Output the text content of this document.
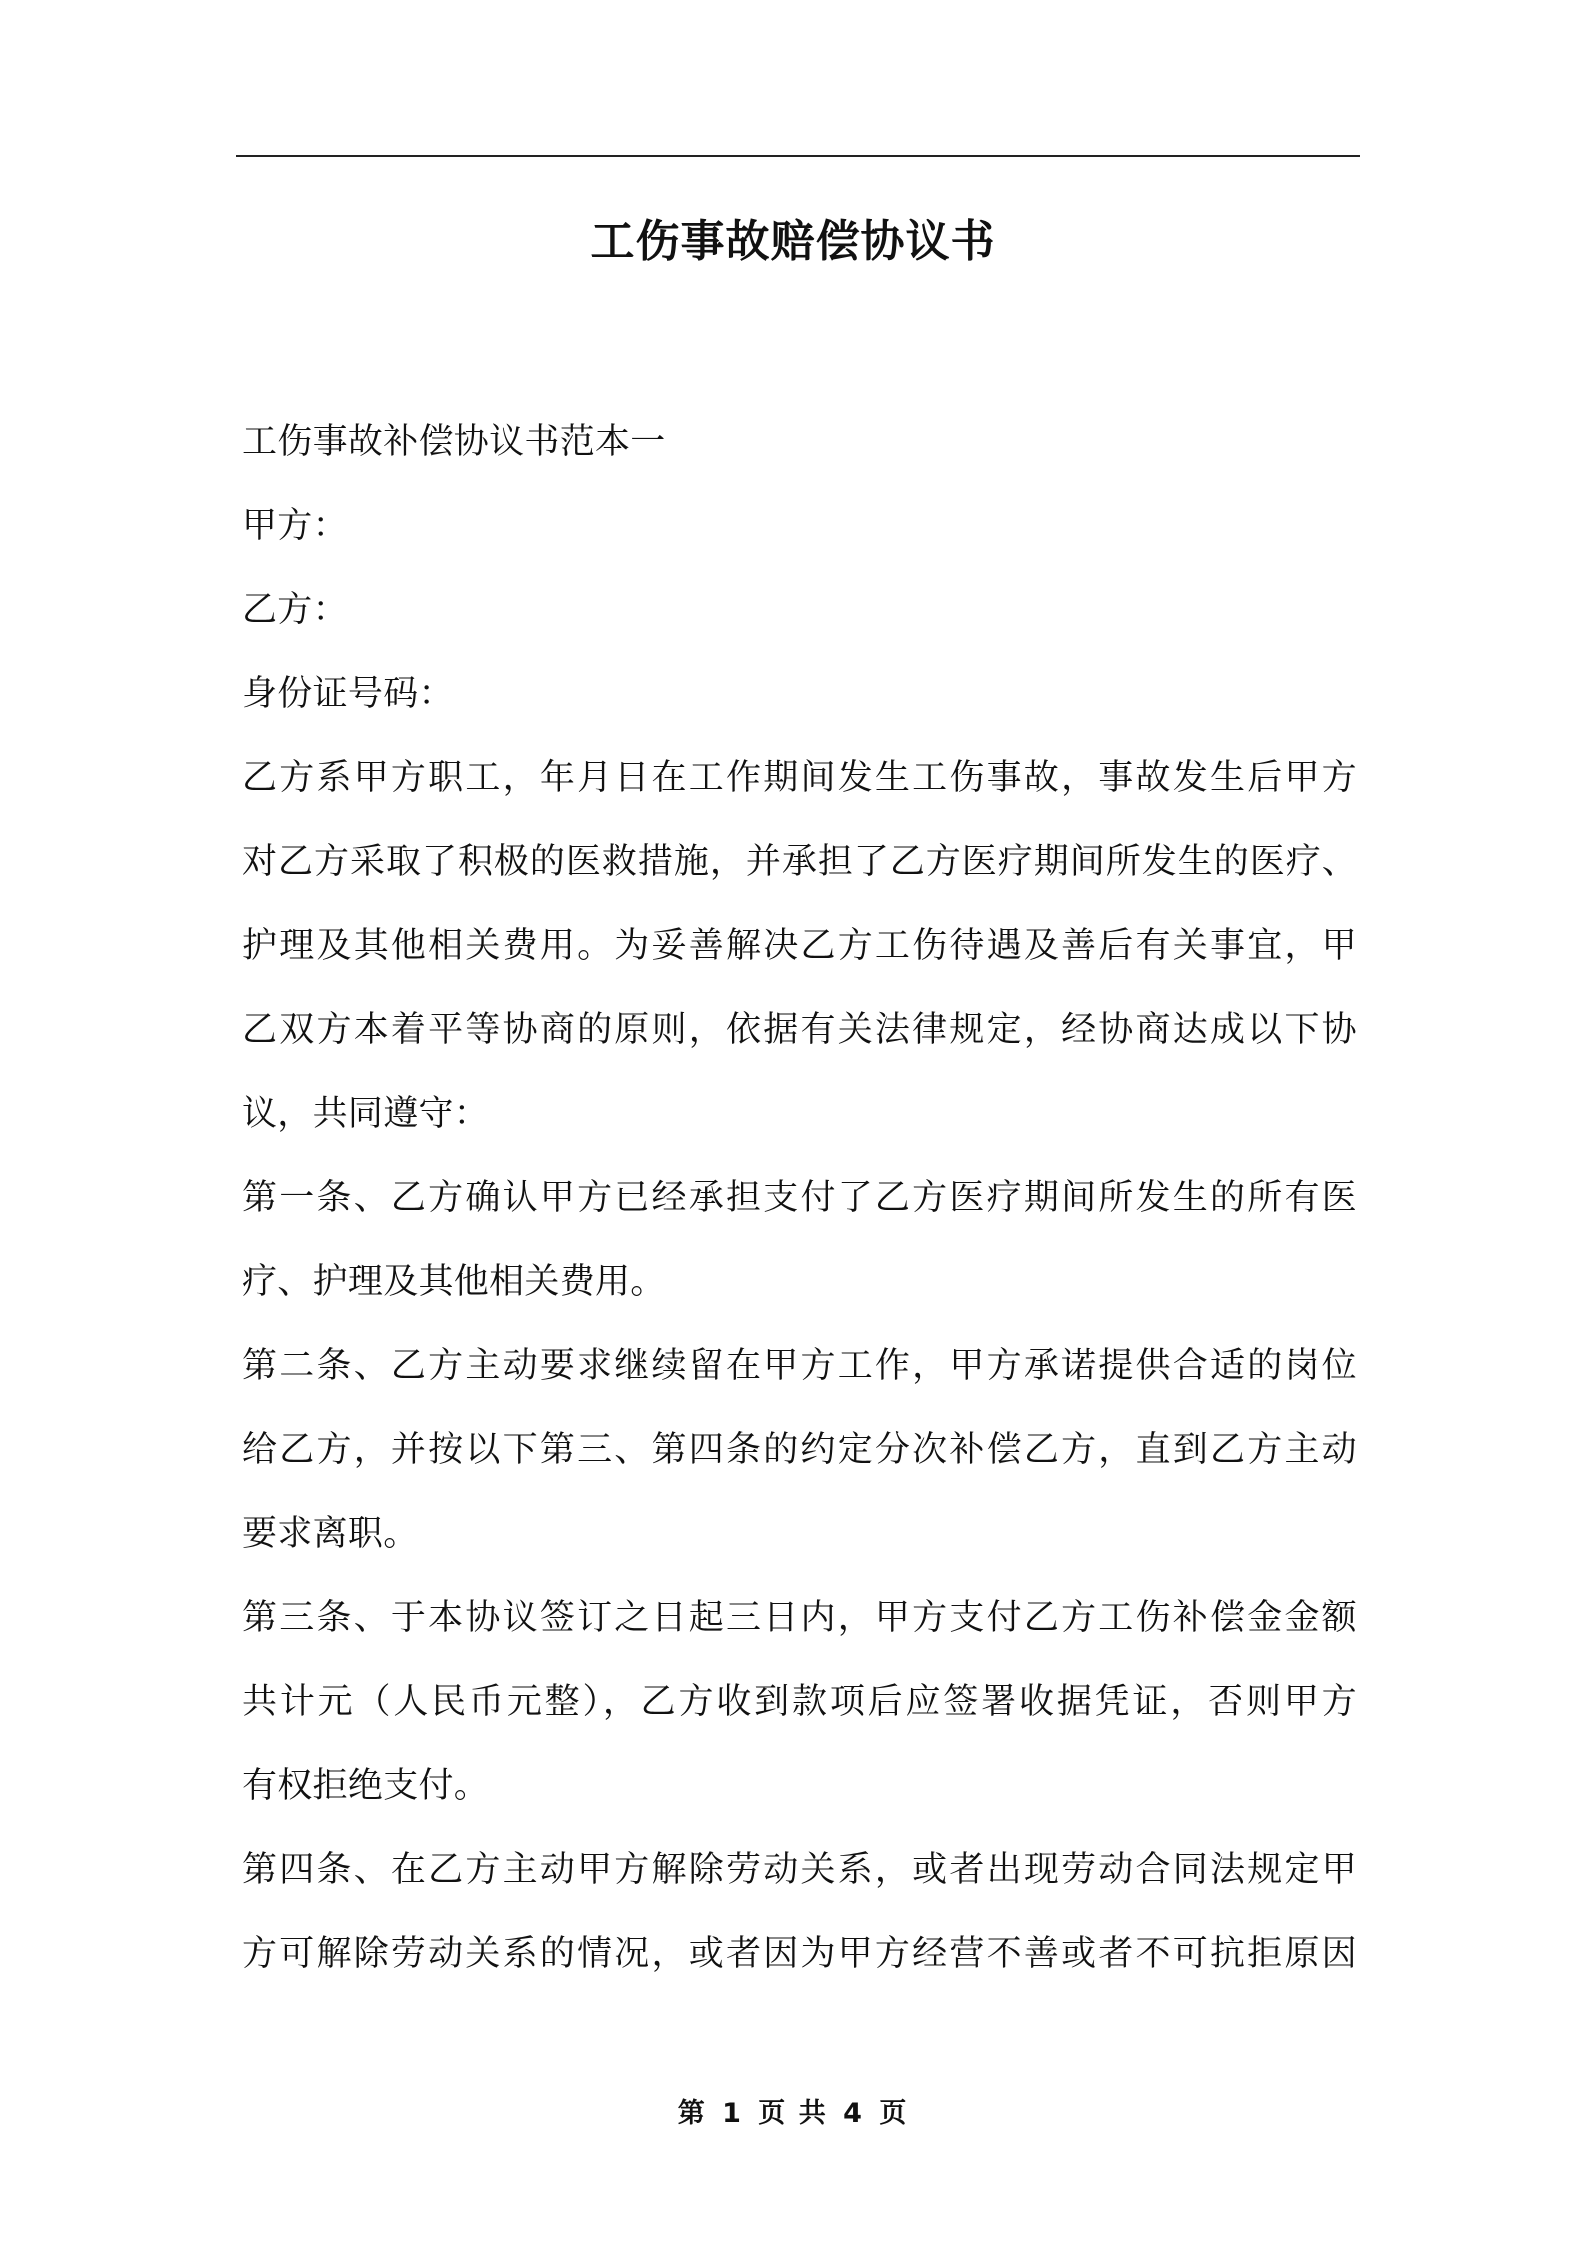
工伤事故赔偿协议书
工伤事故补偿协议书范本一
甲方：
乙方：
身份证号码：
乙方系甲方职工，年月日在工作期间发生工伤事故，事故发生后甲方
对乙方采取了积极的医救措施，并承担了乙方医疗期间所发生的医疗、
护理及其他相关费用。为妥善解决乙方工伤待遇及善后有关事宜，甲
乙双方本着平等协商的原则，依据有关法律规定，经协商达成以下协
议，共同遵守：
第一条、乙方确认甲方已经承担支付了乙方医疗期间所发生的所有医
疗、护理及其他相关费用。
第二条、乙方主动要求继续留在甲方工作，甲方承诺提供合适的岗位
给乙方，并按以下第三、第四条的约定分次补偿乙方，直到乙方主动
要求离职。
第三条、于本协议签订之日起三日内，甲方支付乙方工伤补偿金金额
共计元（人民币元整），乙方收到款项后应签署收据凭证，否则甲方
有权拒绝支付。
第四条、在乙方主动甲方解除劳动关系，或者出现劳动合同法规定甲
方可解除劳动关系的情况，或者因为甲方经营不善或者不可抗拒原因
第 1 页 共 4 页
